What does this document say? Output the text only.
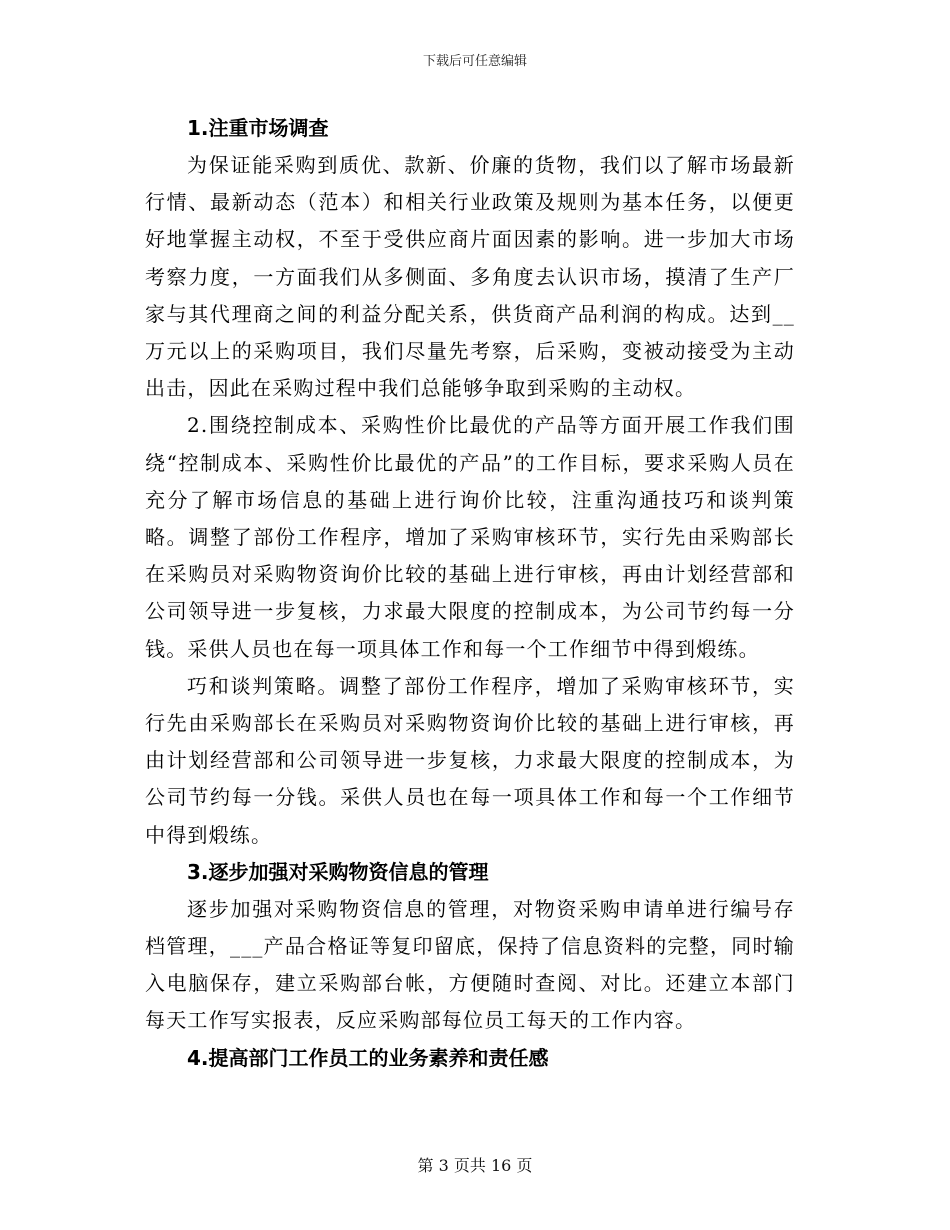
下载后可任意编辑
1.注重市场调查

为保证能采购到质优、款新、价廉的货物，我们以了解市场最新行情、最新动态（范本）和相关行业政策及规则为基本任务，以便更好地掌握主动权，不至于受供应商片面因素的影响。进一步加大市场考察力度，一方面我们从多侧面、多角度去认识市场，摸清了生产厂家与其代理商之间的利益分配关系，供货商产品利润的构成。达到__万元以上的采购项目，我们尽量先考察，后采购，变被动接受为主动出击，因此在采购过程中我们总能够争取到采购的主动权。

2.围绕控制成本、采购性价比最优的产品等方面开展工作我们围绕“控制成本、采购性价比最优的产品”的工作目标，要求采购人员在充分了解市场信息的基础上进行询价比较，注重沟通技巧和谈判策略。调整了部份工作程序，增加了采购审核环节，实行先由采购部长在采购员对采购物资询价比较的基础上进行审核，再由计划经营部和公司领导进一步复核，力求最大限度的控制成本，为公司节约每一分钱。采供人员也在每一项具体工作和每一个工作细节中得到煅练。

巧和谈判策略。调整了部份工作程序，增加了采购审核环节，实行先由采购部长在采购员对采购物资询价比较的基础上进行审核，再由计划经营部和公司领导进一步复核，力求最大限度的控制成本，为公司节约每一分钱。采供人员也在每一项具体工作和每一个工作细节中得到煅练。

3.逐步加强对采购物资信息的管理

逐步加强对采购物资信息的管理，对物资采购申请单进行编号存档管理，___产品合格证等复印留底，保持了信息资料的完整，同时输入电脑保存，建立采购部台帐，方便随时查阅、对比。还建立本部门每天工作写实报表，反应采购部每位员工每天的工作内容。

4.提高部门工作员工的业务素养和责任感
第 3 页共 16 页
